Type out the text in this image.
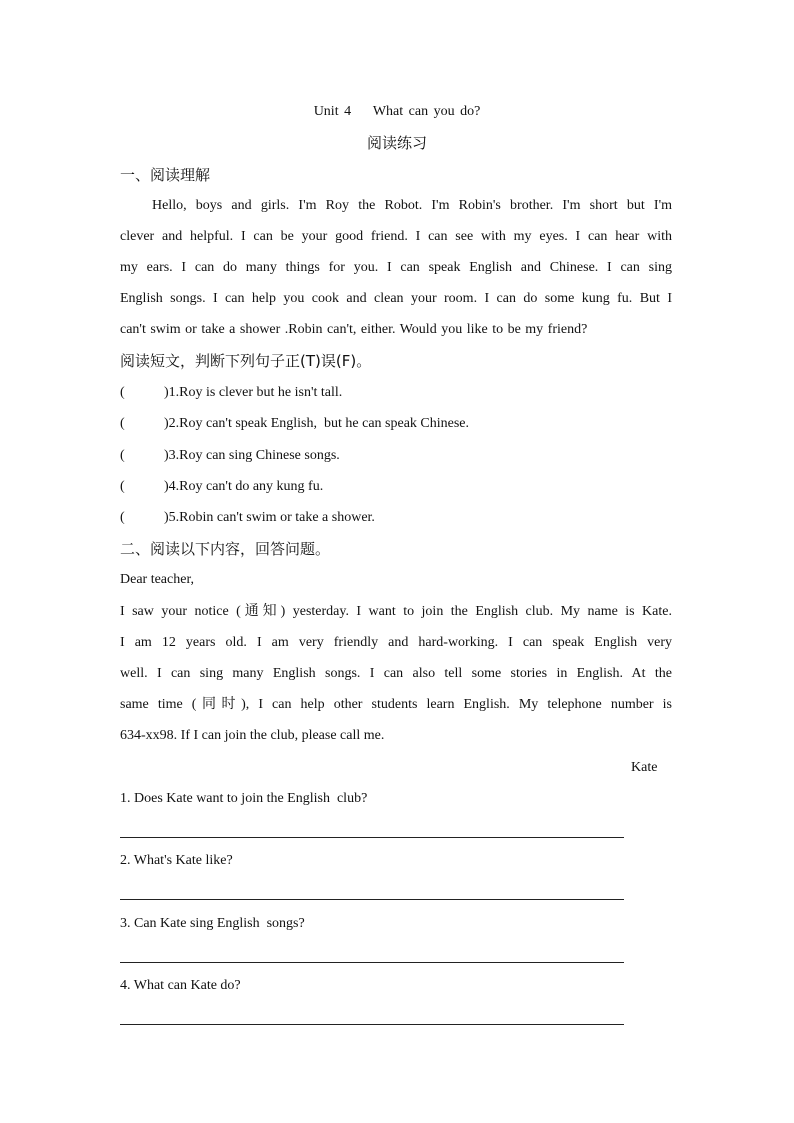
Unit 4    What can you do?
阅读练习
一、阅读理解
Hello, boys and girls. I'm Roy the Robot. I'm Robin's brother. I'm short but I'm
clever and helpful. I can be your good friend. I can see with my eyes. I can hear with
my ears. I can do many things for you. I can speak English and Chinese. I can sing
English songs. I can help you cook and clean your room. I can do some kung fu. But I
can't swim or take a shower .Robin can't, either. Would you like to be my friend?
阅读短文，判断下列句子正(T)误(F)。
(	)1.Roy is clever but he isn't tall.
(	)2.Roy can't speak English,  but he can speak Chinese.
(	)3.Roy can sing Chinese songs.
(	)4.Roy can't do any kung fu.
(	)5.Robin can't swim or take a shower.
二、阅读以下内容，回答问题。
Dear teacher,
I saw your notice (通知) yesterday. I want to join the English club. My name is Kate.
I am 12 years old. I am very friendly and hard-working. I can speak English very
well. I can sing many English songs. I can also tell some stories in English. At the
same time (同时), I can help other students learn English. My telephone number is
634-xx98. If I can join the club, please call me.
Kate
1. Does Kate want to join the English  club?
2. What's Kate like?
3. Can Kate sing English  songs?
4. What can Kate do?
